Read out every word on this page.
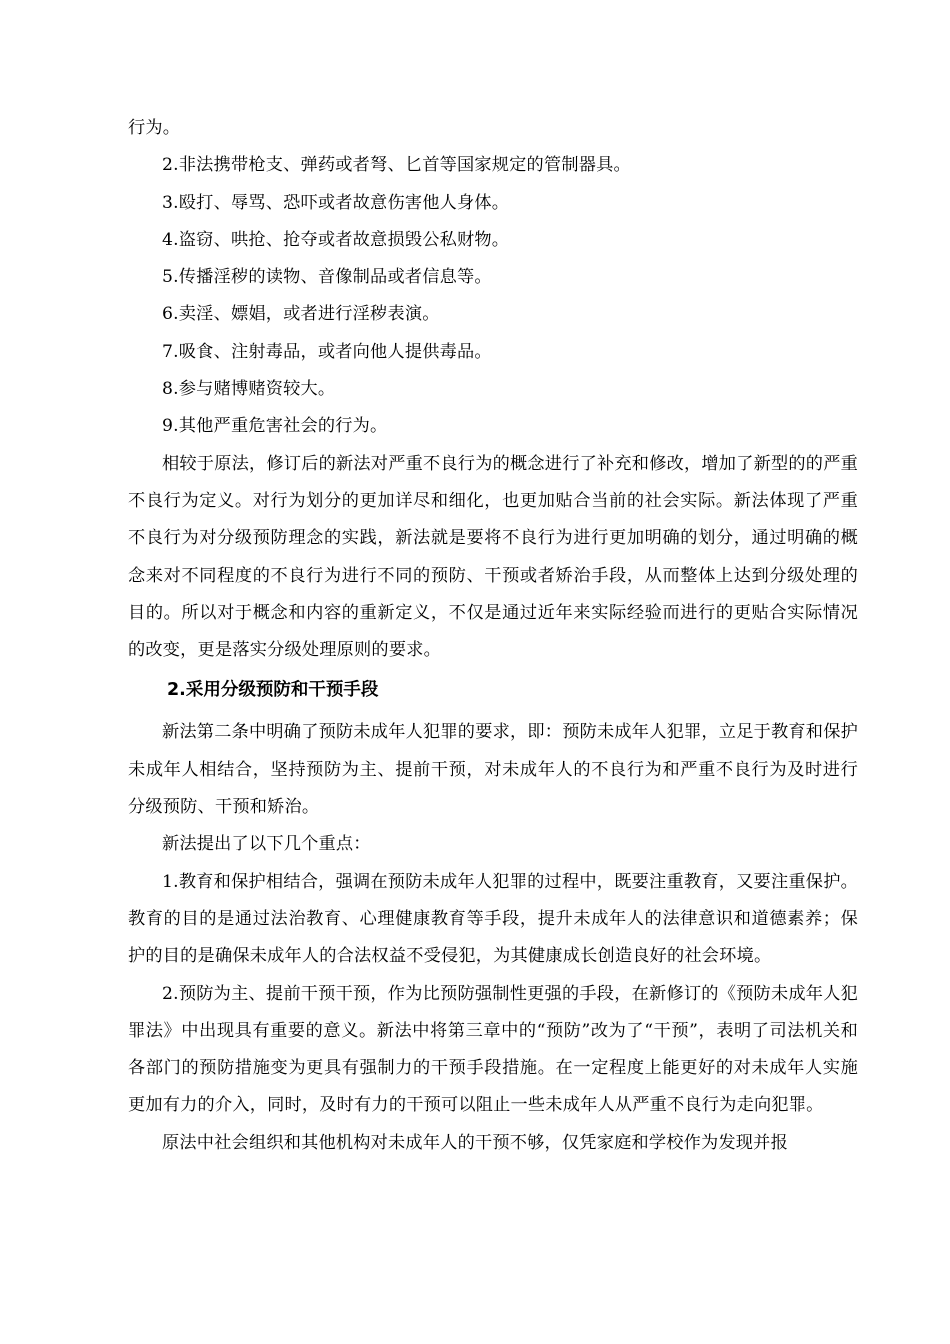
行为。

2.非法携带枪支、弹药或者弩、匕首等国家规定的管制器具。

3.殴打、辱骂、恐吓或者故意伤害他人身体。

4.盗窃、哄抢、抢夺或者故意损毁公私财物。

5.传播淫秽的读物、音像制品或者信息等。

6.卖淫、嫖娼，或者进行淫秽表演。

7.吸食、注射毒品，或者向他人提供毒品。

8.参与赌博赌资较大。

9.其他严重危害社会的行为。

相较于原法，修订后的新法对严重不良行为的概念进行了补充和修改，增加了新型的的严重不良行为定义。对行为划分的更加详尽和细化，也更加贴合当前的社会实际。新法体现了严重不良行为对分级预防理念的实践，新法就是要将不良行为进行更加明确的划分，通过明确的概念来对不同程度的不良行为进行不同的预防、干预或者矫治手段，从而整体上达到分级处理的目的。所以对于概念和内容的重新定义，不仅是通过近年来实际经验而进行的更贴合实际情况的改变，更是落实分级处理原则的要求。

2.采用分级预防和干预手段

新法第二条中明确了预防未成年人犯罪的要求，即：预防未成年人犯罪，立足于教育和保护未成年人相结合，坚持预防为主、提前干预，对未成年人的不良行为和严重不良行为及时进行分级预防、干预和矫治。

新法提出了以下几个重点：

1.教育和保护相结合，强调在预防未成年人犯罪的过程中，既要注重教育，又要注重保护。教育的目的是通过法治教育、心理健康教育等手段，提升未成年人的法律意识和道德素养；保护的目的是确保未成年人的合法权益不受侵犯，为其健康成长创造良好的社会环境。

2.预防为主、提前干预干预，作为比预防强制性更强的手段，在新修订的《预防未成年人犯罪法》中出现具有重要的意义。新法中将第三章中的“预防”改为了“干预”，表明了司法机关和各部门的预防措施变为更具有强制力的干预手段措施。在一定程度上能更好的对未成年人实施更加有力的介入，同时，及时有力的干预可以阻止一些未成年人从严重不良行为走向犯罪。

原法中社会组织和其他机构对未成年人的干预不够，仅凭家庭和学校作为发现并报
